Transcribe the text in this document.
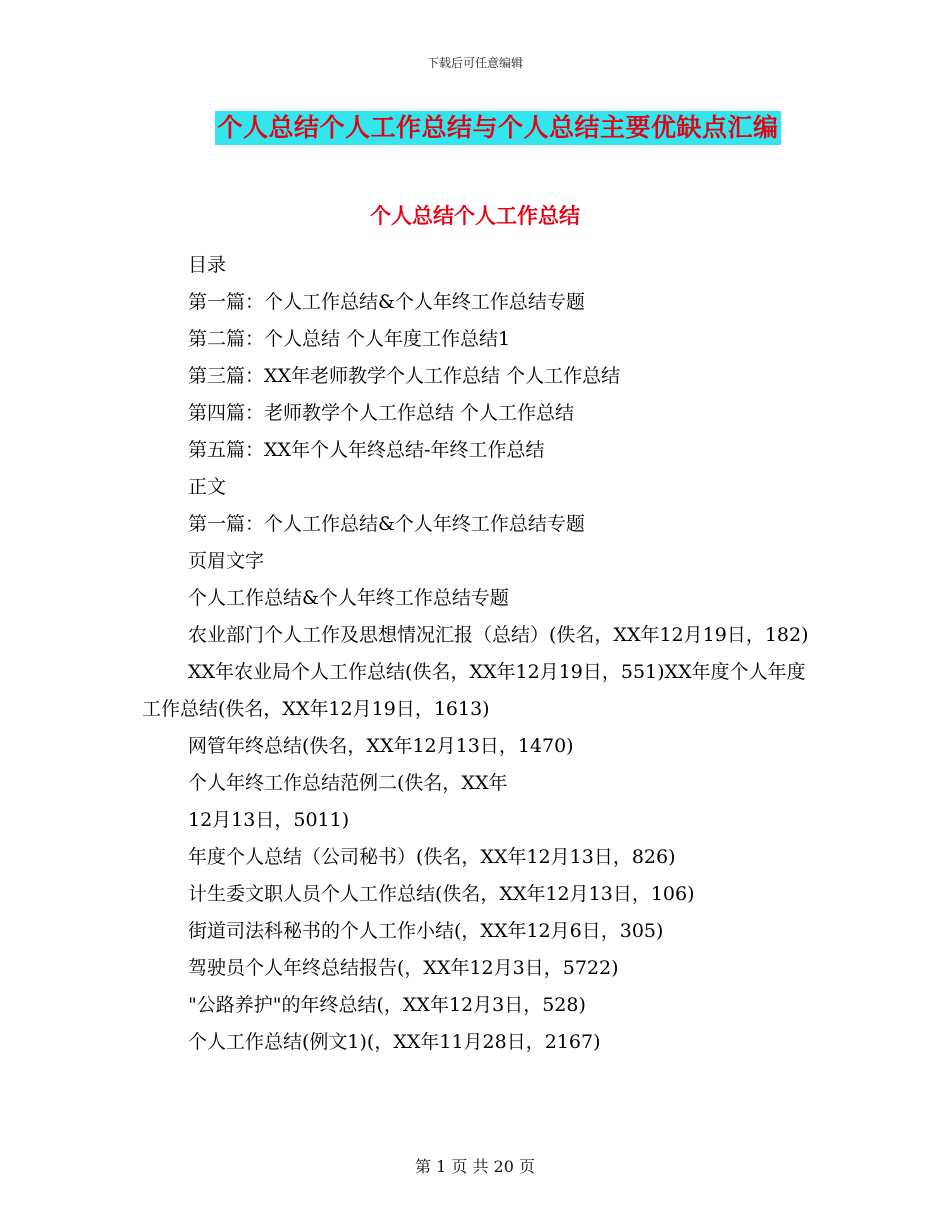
下载后可任意编辑
个人总结个人工作总结与个人总结主要优缺点汇编
个人总结个人工作总结

目录

第一篇：个人工作总结&个人年终工作总结专题

第二篇：个人总结 个人年度工作总结1

第三篇：XX年老师教学个人工作总结 个人工作总结

第四篇：老师教学个人工作总结 个人工作总结

第五篇：XX年个人年终总结-年终工作总结

正文

第一篇：个人工作总结&个人年终工作总结专题

页眉文字

个人工作总结&个人年终工作总结专题

农业部门个人工作及思想情况汇报（总结）(佚名，XX年12月19日，182)

XX年农业局个人工作总结(佚名，XX年12月19日，551)XX年度个人年度工作总结(佚名，XX年12月19日，1613)

网管年终总结(佚名，XX年12月13日，1470)

个人年终工作总结范例二(佚名，XX年

12月13日，5011)

年度个人总结（公司秘书）(佚名，XX年12月13日，826)

计生委文职人员个人工作总结(佚名，XX年12月13日，106)

街道司法科秘书的个人工作小结(，XX年12月6日，305)

驾驶员个人年终总结报告(，XX年12月3日，5722)

"公路养护"的年终总结(，XX年12月3日，528)

个人工作总结(例文1)(，XX年11月28日，2167)

第 1 页 共 20 页
